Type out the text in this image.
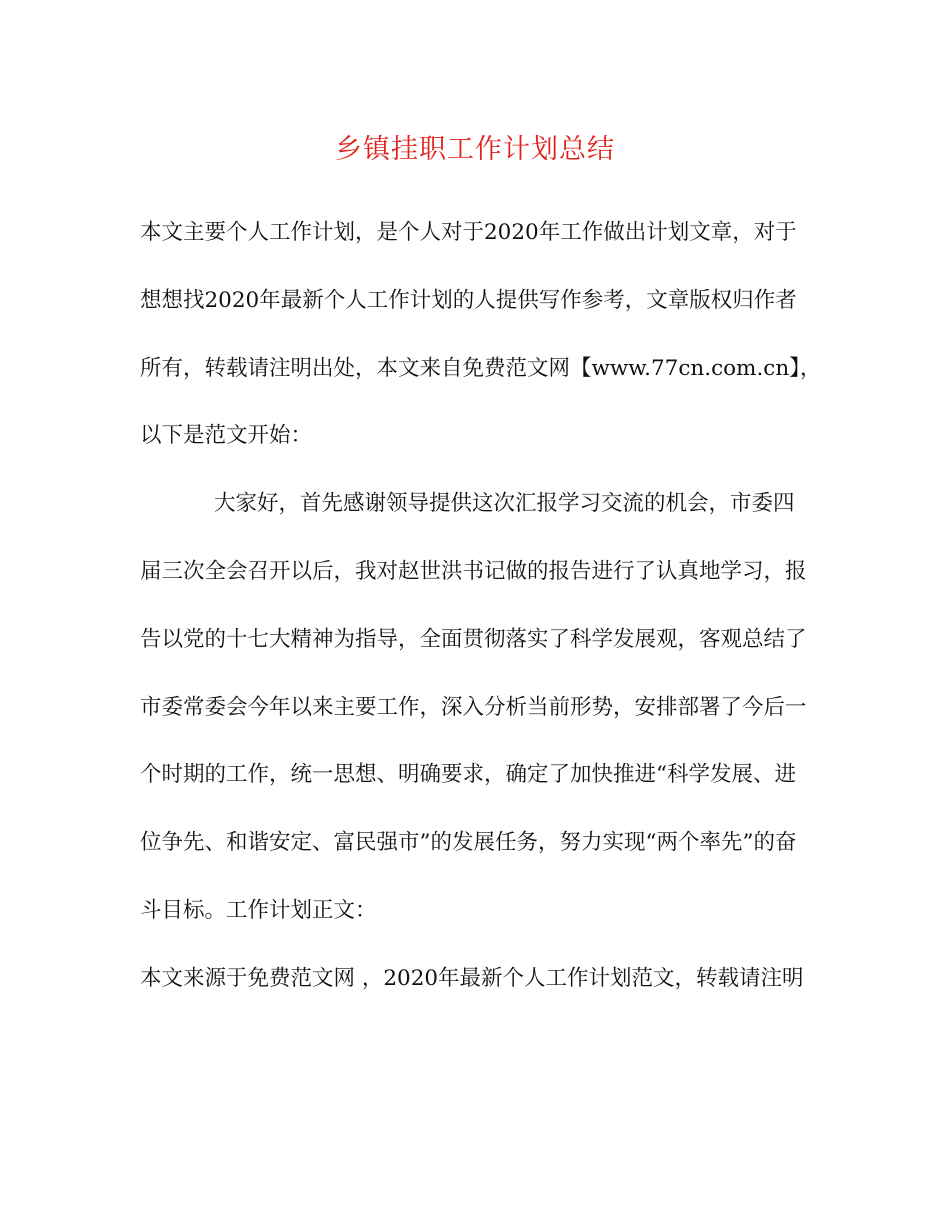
乡镇挂职工作计划总结
本文主要个人工作计划，是个人对于2020年工作做出计划文章，对于
想想找2020年最新个人工作计划的人提供写作参考，文章版权归作者
所有，转载请注明出处，本文来自免费范文网【www.77cn.com.cn】，
以下是范文开始：
大家好，首先感谢领导提供这次汇报学习交流的机会，市委四
届三次全会召开以后，我对赵世洪书记做的报告进行了认真地学习，报
告以党的十七大精神为指导，全面贯彻落实了科学发展观，客观总结了
市委常委会今年以来主要工作，深入分析当前形势，安排部署了今后一
个时期的工作，统一思想、明确要求，确定了加快推进“科学发展、进
位争先、和谐安定、富民强市”的发展任务，努力实现“两个率先”的奋
斗目标。工作计划正文：
本文来源于免费范文网 ，2020年最新个人工作计划范文，转载请注明
